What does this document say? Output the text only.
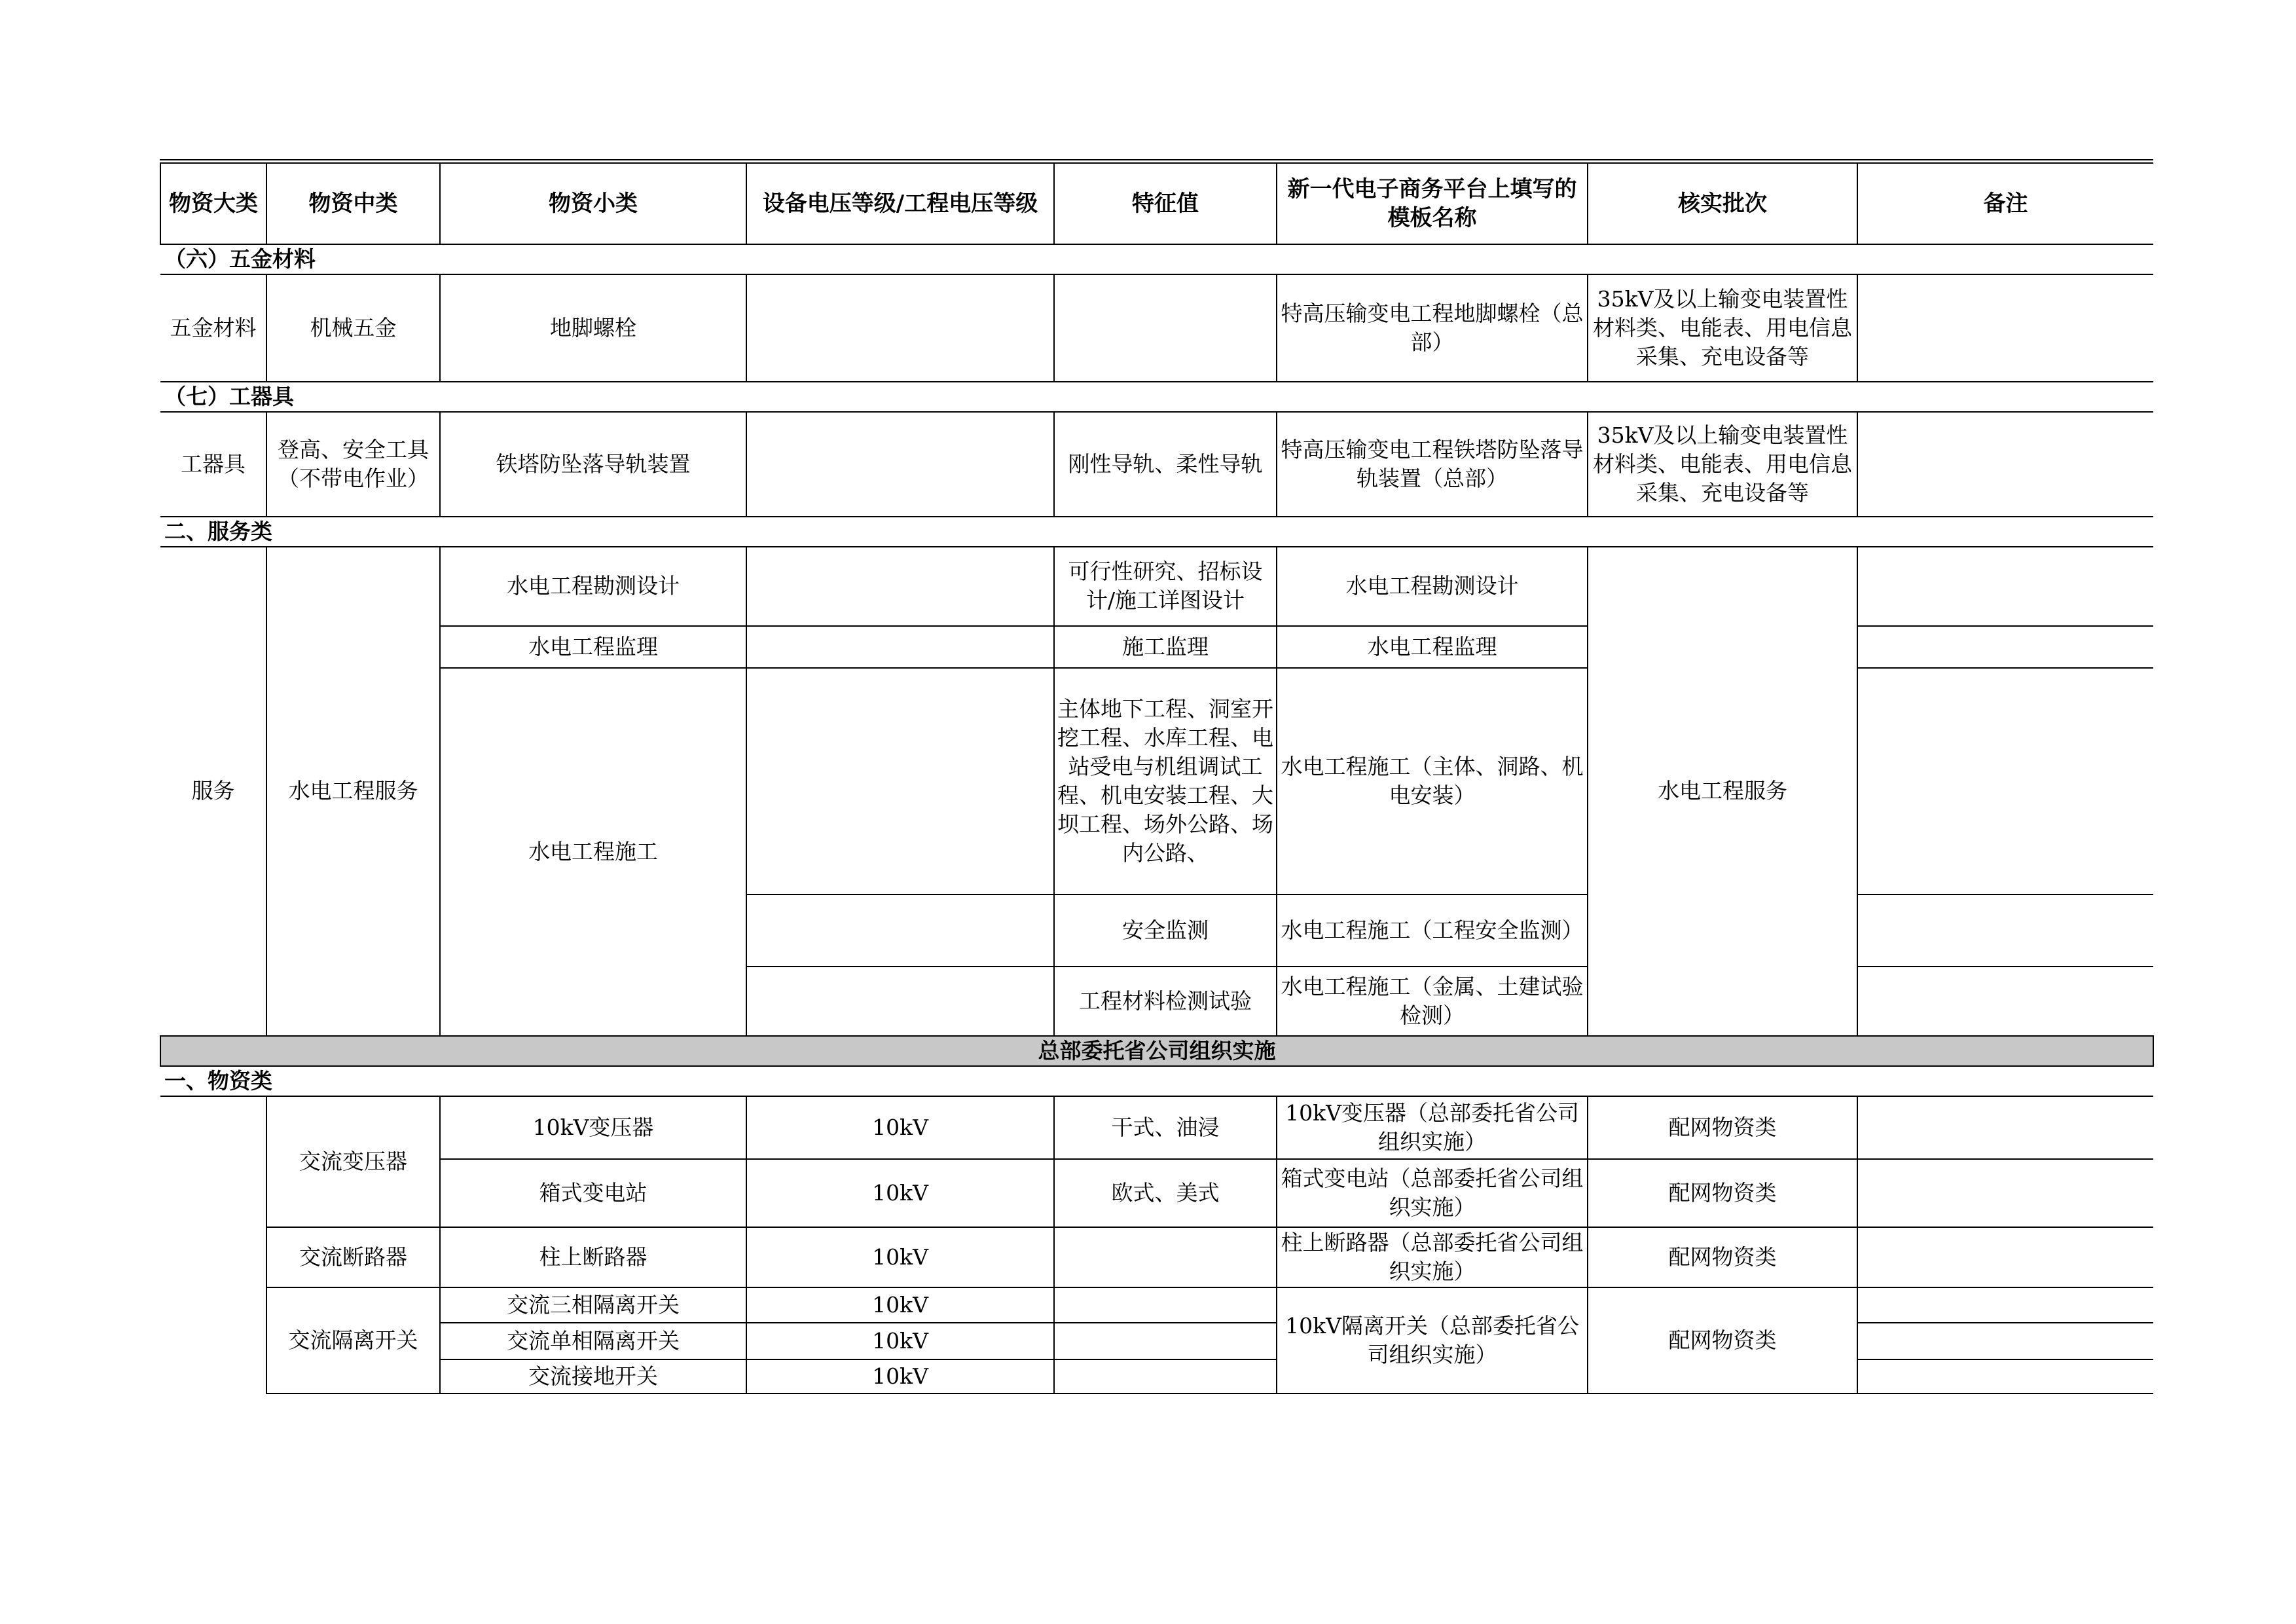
物资大类	物资中类	物资小类	设备电压等级/工程电压等级	特征值	新一代电子商务平台上填写的模板名称	核实批次	备注
（六）五金材料							
五金材料	机械五金	地脚螺栓			特高压输变电工程地脚螺栓（总部）	35kV及以上输变电装置性材料类、电能表、用电信息采集、充电设备等	
（七）工器具							
工器具	登高、安全工具（不带电作业）	铁塔防坠落导轨装置		刚性导轨、柔性导轨	特高压输变电工程铁塔防坠落导轨装置（总部）	35kV及以上输变电装置性材料类、电能表、用电信息采集、充电设备等	
二、服务类							
服务	水电工程服务	水电工程勘测设计		可行性研究、招标设计/施工详图设计	水电工程勘测设计	水电工程服务	
		水电工程监理		施工监理	水电工程监理		
		水电工程施工		主体地下工程、洞室开挖工程、水库工程、电站受电与机组调试工程、机电安装工程、大坝工程、场外公路、场内公路、	水电工程施工（主体、洞路、机电安装）		
				安全监测	水电工程施工（工程安全监测）		
				工程材料检测试验	水电工程施工（金属、土建试验检测）		
总部委托省公司组织实施							
一、物资类							
	交流变压器	10kV变压器	10kV	干式、油浸	10kV变压器（总部委托省公司组织实施）	配网物资类	
		箱式变电站	10kV	欧式、美式	箱式变电站（总部委托省公司组织实施）	配网物资类	
	交流断路器	柱上断路器	10kV		柱上断路器（总部委托省公司组织实施）	配网物资类	
	交流隔离开关	交流三相隔离开关	10kV		10kV隔离开关（总部委托省公司组织实施）	配网物资类	
		交流单相隔离开关	10kV				
		交流接地开关	10kV				
